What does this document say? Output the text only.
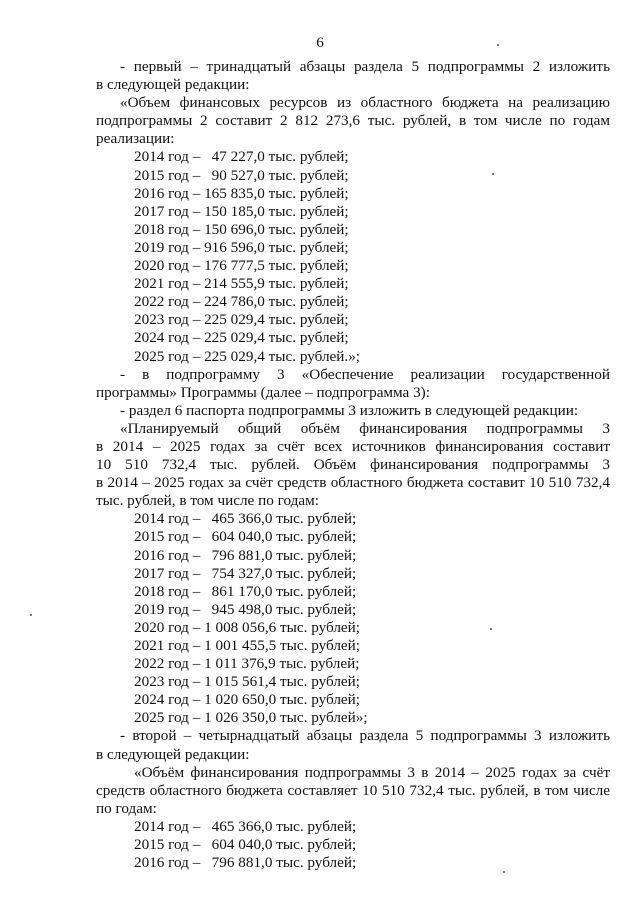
6
- первый – тринадцатый абзацы раздела 5 подпрограммы 2 изложить
в следующей редакции:
«Объем финансовых ресурсов из областного бюджета на реализацию
подпрограммы 2 составит 2 812 273,6 тыс. рублей, в том числе по годам
реализации:
2014 год –   47 227,0 тыс. рублей;
2015 год –   90 527,0 тыс. рублей;
2016 год – 165 835,0 тыс. рублей;
2017 год – 150 185,0 тыс. рублей;
2018 год – 150 696,0 тыс. рублей;
2019 год – 916 596,0 тыс. рублей;
2020 год – 176 777,5 тыс. рублей;
2021 год – 214 555,9 тыс. рублей;
2022 год – 224 786,0 тыс. рублей;
2023 год – 225 029,4 тыс. рублей;
2024 год – 225 029,4 тыс. рублей;
2025 год – 225 029,4 тыс. рублей.»;
- в подпрограмму 3 «Обеспечение реализации государственной
программы» Программы (далее – подпрограмма 3):
- раздел 6 паспорта подпрограммы 3 изложить в следующей редакции:
«Планируемый общий объём финансирования подпрограммы 3
в 2014 – 2025 годах за счёт всех источников финансирования составит
10 510 732,4 тыс. рублей. Объём финансирования подпрограммы 3
в 2014 – 2025 годах за счёт средств областного бюджета составит 10 510 732,4
тыс. рублей, в том числе по годам:
2014 год –   465 366,0 тыс. рублей;
2015 год –   604 040,0 тыс. рублей;
2016 год –   796 881,0 тыс. рублей;
2017 год –   754 327,0 тыс. рублей;
2018 год –   861 170,0 тыс. рублей;
2019 год –   945 498,0 тыс. рублей;
2020 год – 1 008 056,6 тыс. рублей;
2021 год – 1 001 455,5 тыс. рублей;
2022 год – 1 011 376,9 тыс. рублей;
2023 год – 1 015 561,4 тыс. рублей;
2024 год – 1 020 650,0 тыс. рублей;
2025 год – 1 026 350,0 тыс. рублей»;
- второй – четырнадцатый абзацы раздела 5 подпрограммы 3 изложить
в следующей редакции:
«Объём финансирования подпрограммы 3 в 2014 – 2025 годах за счёт
средств областного бюджета составляет 10 510 732,4 тыс. рублей, в том числе
по годам:
2014 год –   465 366,0 тыс. рублей;
2015 год –   604 040,0 тыс. рублей;
2016 год –   796 881,0 тыс. рублей;
